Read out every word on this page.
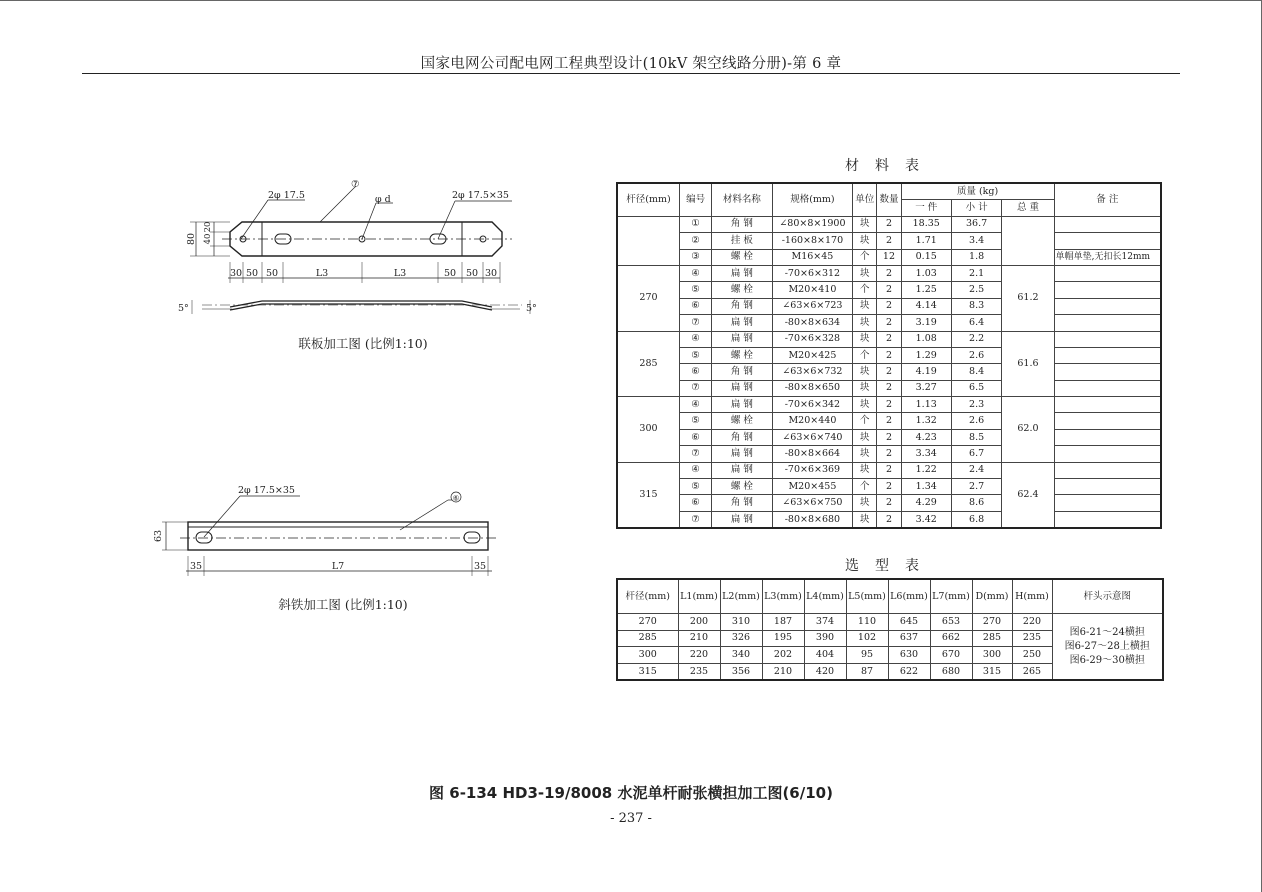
国家电网公司配电网工程典型设计(10kV 架空线路分册)-第 6 章
2φ 17.5
⑦
φ d	2φ 17.5×35
80
20
40
30 50 50	L3	L3	50 50 30
5°	5°
2φ 17.5×35
⑥
63
35	L7	35
联板加工图 (比例1:10)
斜铁加工图 (比例1:10)
材料表
杆径(mm)	编号	材料名称	规格(mm)	单位	数量	质量 (kg)			备 注
						一 件	小 计	总 重	
	①	角 钢	∠80×8×1900	块	2	18.35	36.7		
	②	挂 板	-160×8×170	块	2	1.71	3.4		
	③	螺 栓	M16×45	个	12	0.15	1.8		单帽单垫,无扣长12mm
270	④	扁 钢	-70×6×312	块	2	1.03	2.1	61.2	
	⑤	螺 栓	M20×410	个	2	1.25	2.5		
	⑥	角 钢	∠63×6×723	块	2	4.14	8.3		
	⑦	扁 钢	-80×8×634	块	2	3.19	6.4		
285	④	扁 钢	-70×6×328	块	2	1.08	2.2	61.6	
	⑤	螺 栓	M20×425	个	2	1.29	2.6		
	⑥	角 钢	∠63×6×732	块	2	4.19	8.4		
	⑦	扁 钢	-80×8×650	块	2	3.27	6.5		
300	④	扁 钢	-70×6×342	块	2	1.13	2.3	62.0	
	⑤	螺 栓	M20×440	个	2	1.32	2.6		
	⑥	角 钢	∠63×6×740	块	2	4.23	8.5		
	⑦	扁 钢	-80×8×664	块	2	3.34	6.7		
315	④	扁 钢	-70×6×369	块	2	1.22	2.4	62.4	
	⑤	螺 栓	M20×455	个	2	1.34	2.7		
	⑥	角 钢	∠63×6×750	块	2	4.29	8.6		
	⑦	扁 钢	-80×8×680	块	2	3.42	6.8		
选型表
杆径(mm)	L1(mm)	L2(mm)	L3(mm)	L4(mm)	L5(mm)	L6(mm)	L7(mm)	D(mm)	H(mm)	杆头示意图
270	200	310	187	374	110	645	653	270	220	图6-21～24横担
图6-27～28上横担
图6-29～30横担

285	210	326	195	390	102	637	662	285	235	
300	220	340	202	404	95	630	670	300	250	
315	235	356	210	420	87	622	680	315	265	
图 6-134 HD3-19/8008 水泥单杆耐张横担加工图(6/10)
- 237 -
